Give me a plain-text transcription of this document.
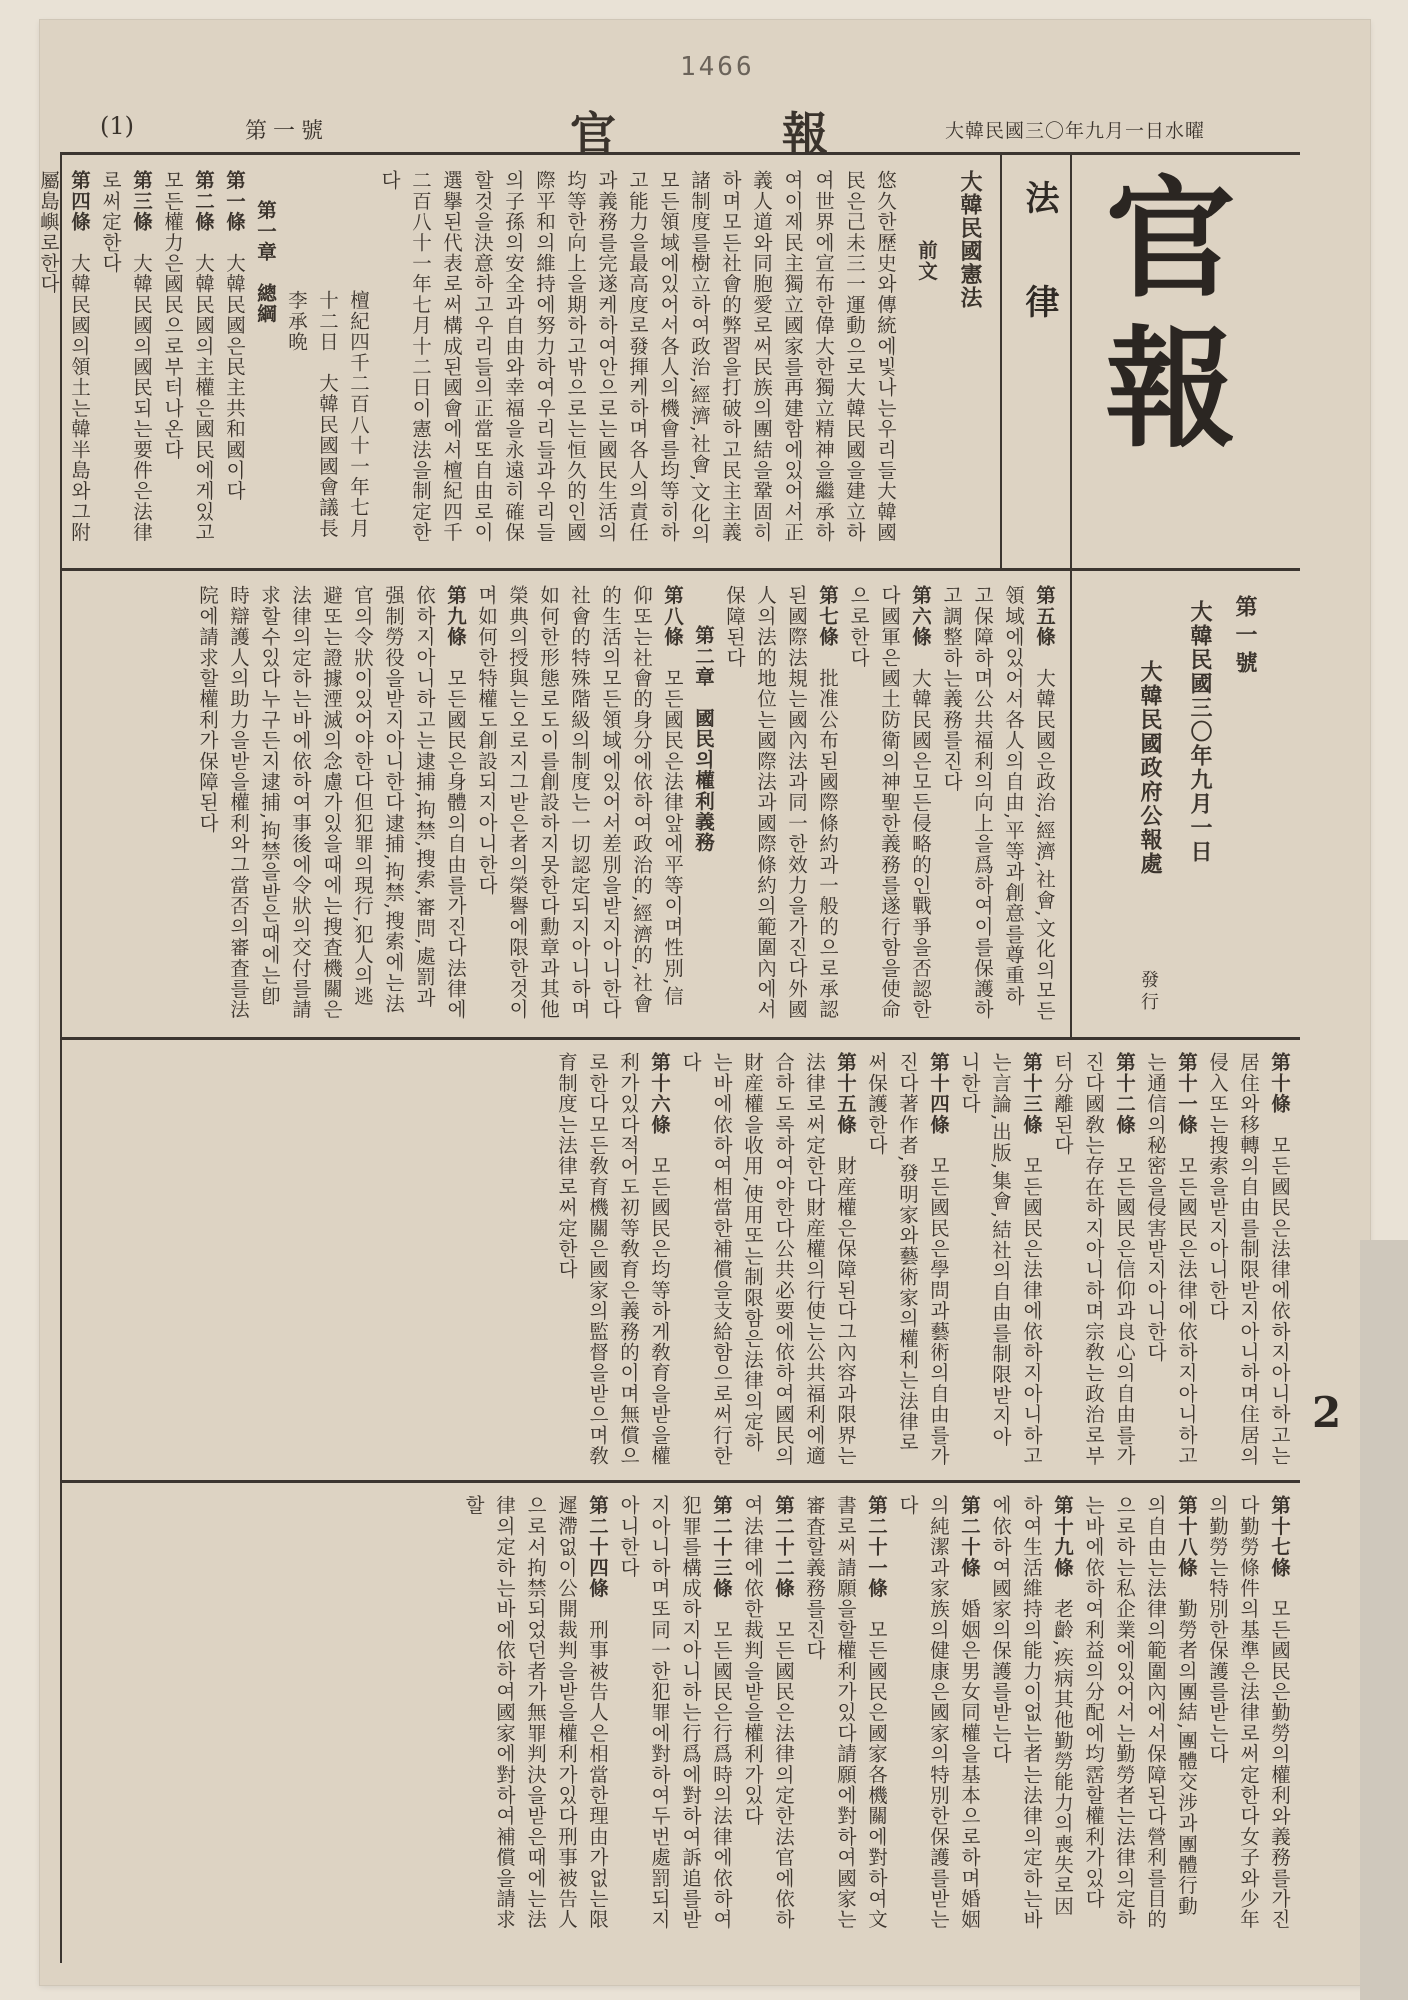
1466
(1)	第一號	官　報	大韓民國三〇年九月一日水曜
官報
第一號
大韓民國三〇年九月一日
大韓民國政府公報處
發行
法　律

大韓民國憲法

前文

悠久한歷史와傳統에빛나는우리들大韓國民은己未三一運動으로大韓民國을建立하여世界에宣布한偉大한獨立精神을繼承하여이제民主獨立國家를再建함에있어서正義人道와同胞愛로써民族의團結을鞏固히하며모든社會的弊習을打破하고民主主義諸制度를樹立하여政治,經濟,社會,文化의모든領域에있어서各人의機會를均等히하고能力을最高度로發揮케하며各人의責任과義務를完遂케하여안으로는國民生活의均等한向上을期하고밖으로는恒久的인國際平和의維持에努力하여우리들과우리들의子孫의安全과自由와幸福을永遠히確保할것을決意하고우리들의正當또自由로이選擧된代表로써構成된國會에서檀紀四千二百八十一年七月十二日이憲法을制定한다

檀紀四千二百八十一年七月十二日　大韓民國國會議長　李承晩

第一章　總綱

第一條　大韓民國은民主共和國이다

第二條　大韓民國의主權은國民에게있고모든權力은國民으로부터나온다

第三條　大韓民國의國民되는要件은法律로써定한다

第四條　大韓民國의領土는韓半島와그附屬島嶼로한다

第五條　大韓民國은政治,經濟,社會,文化의모든領域에있어서各人의自由,平等과創意를尊重하고保障하며公共福利의向上을爲하여이를保護하고調整하는義務를진다

第六條　大韓民國은모든侵略的인戰爭을否認한다國軍은國土防衛의神聖한義務를遂行함을使命으로한다

第七條　批准公布된國際條約과一般的으로承認된國際法規는國內法과同一한效力을가진다外國人의法的地位는國際法과國際條約의範圍內에서保障된다

第二章　國民의權利義務

第八條　모든國民은法律앞에平等이며性別,信仰또는社會的身分에依하여政治的,經濟的,社會的生活의모든領域에있어서差別을받지아니한다社會的特殊階級의制度는一切認定되지아니하며如何한形態로도이를創設하지못한다勳章과其他榮典의授與는오로지그받은者의榮譽에限한것이며如何한特權도創設되지아니한다

第九條　모든國民은身體의自由를가진다法律에依하지아니하고는逮捕,拘禁,搜索,審問,處罰과强制勞役을받지아니한다逮捕,拘禁,搜索에는法官의令狀이있어야한다但犯罪의現行,犯人의逃避또는證據湮滅의念慮가있을때에는搜査機關은法律의定하는바에依하여事後에令狀의交付를請求할수있다누구든지逮捕,拘禁을받은때에는卽時辯護人의助力을받을權利와그當否의審査를法院에請求할權利가保障된다

第十條　모든國民은法律에依하지아니하고는居住와移轉의自由를制限받지아니하며住居의侵入또는搜索을받지아니한다

第十一條　모든國民은法律에依하지아니하고는通信의秘密을侵害받지아니한다

第十二條　모든國民은信仰과良心의自由를가진다國敎는存在하지아니하며宗敎는政治로부터分離된다

第十三條　모든國民은法律에依하지아니하고는言論,出版,集會,結社의自由를制限받지아니한다

第十四條　모든國民은學問과藝術의自由를가진다著作者,發明家와藝術家의權利는法律로써保護한다

第十五條　財産權은保障된다그內容과限界는法律로써定한다財産權의行使는公共福利에適合하도록하여야한다公共必要에依하여國民의財産權을收用,使用또는制限함은法律의定하는바에依하여相當한補償을支給함으로써行한다

第十六條　모든國民은均等하게敎育을받을權利가있다적어도初等敎育은義務的이며無償으로한다모든敎育機關은國家의監督을받으며敎育制度는法律로써定한다

第十七條　모든國民은勤勞의權利와義務를가진다勤勞條件의基準은法律로써定한다女子와少年의勤勞는特別한保護를받는다

第十八條　勤勞者의團結,團體交涉과團體行動의自由는法律의範圍內에서保障된다營利를目的으로하는私企業에있어서는勤勞者는法律의定하는바에依하여利益의分配에均霑할權利가있다

第十九條　老齡,疾病其他勤勞能力의喪失로因하여生活維持의能力이없는者는法律의定하는바에依하여國家의保護를받는다

第二十條　婚姻은男女同權을基本으로하며婚姻의純潔과家族의健康은國家의特別한保護를받는다

第二十一條　모든國民은國家各機關에對하여文書로써請願을할權利가있다請願에對하여國家는審査할義務를진다

第二十二條　모든國民은法律의定한法官에依하여法律에依한裁判을받을權利가있다

第二十三條　모든國民은行爲時의法律에依하여犯罪를構成하지아니하는行爲에對하여訴追를받지아니하며또同一한犯罪에對하여두번處罰되지아니한다

第二十四條　刑事被告人은相當한理由가없는限遲滯없이公開裁判을받을權利가있다刑事被告人으로서拘禁되었던者가無罪判決을받은때에는法律의定하는바에依하여國家에對하여補償을請求할

2
